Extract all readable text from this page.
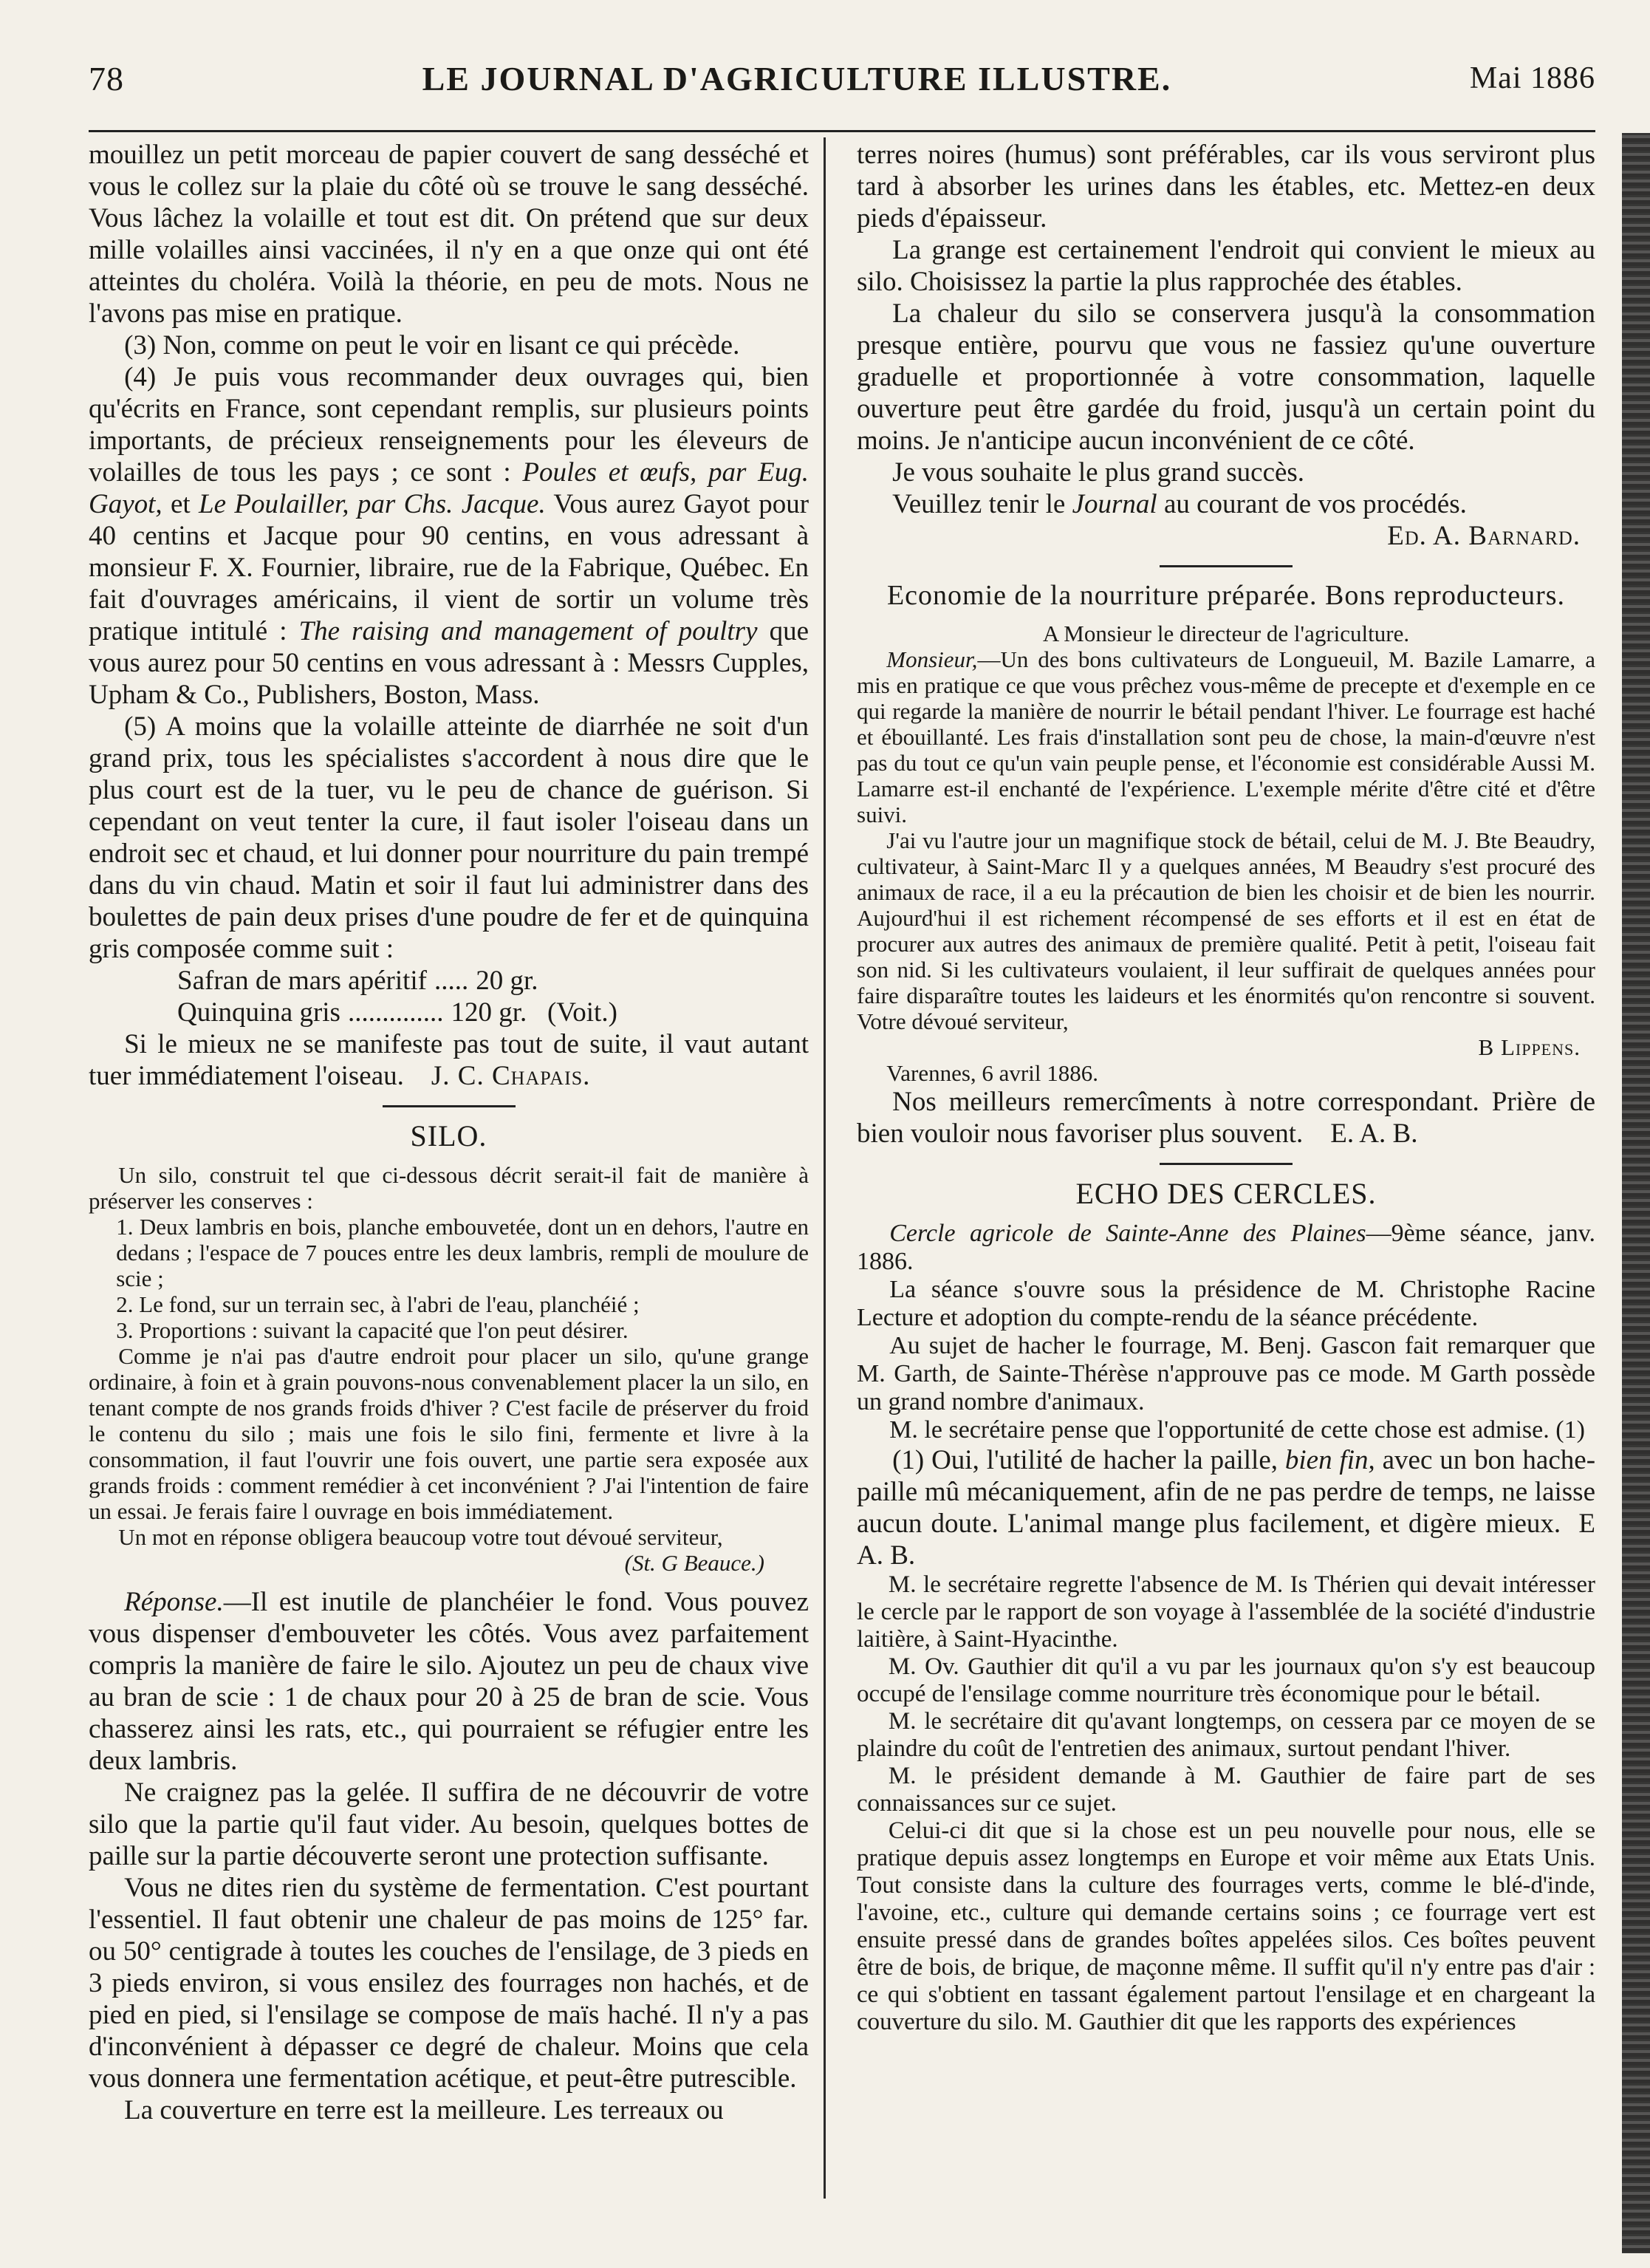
78	LE JOURNAL D'AGRICULTURE ILLUSTRE.	Mai 1886

mouillez un petit morceau de papier couvert de sang desséché et vous le collez sur la plaie du côté où se trouve le sang desséché. Vous lâchez la volaille et tout est dit. On prétend que sur deux mille volailles ainsi vaccinées, il n'y en a que onze qui ont été atteintes du choléra. Voilà la théorie, en peu de mots. Nous ne l'avons pas mise en pratique.

(3) Non, comme on peut le voir en lisant ce qui précède.

(4) Je puis vous recommander deux ouvrages qui, bien qu'écrits en France, sont cependant remplis, sur plusieurs points importants, de précieux renseignements pour les éleveurs de volailles de tous les pays ; ce sont : Poules et œufs, par Eug. Gayot, et Le Poulailler, par Chs. Jacque. Vous aurez Gayot pour 40 centins et Jacque pour 90 centins, en vous adressant à monsieur F. X. Fournier, libraire, rue de la Fabrique, Québec. En fait d'ouvrages américains, il vient de sortir un volume très pratique intitulé : The raising and management of poultry que vous aurez pour 50 centins en vous adressant à : Messrs Cupples, Upham & Co., Publishers, Boston, Mass.

(5) A moins que la volaille atteinte de diarrhée ne soit d'un grand prix, tous les spécialistes s'accordent à nous dire que le plus court est de la tuer, vu le peu de chance de guérison. Si cependant on veut tenter la cure, il faut isoler l'oiseau dans un endroit sec et chaud, et lui donner pour nourriture du pain trempé dans du vin chaud. Matin et soir il faut lui administrer dans des boulettes de pain deux prises d'une poudre de fer et de quinquina gris composée comme suit :

Safran de mars apéritif ..... 20 gr.
Quinquina gris .............. 120 gr. (Voit.)

Si le mieux ne se manifeste pas tout de suite, il vaut autant tuer immédiatement l'oiseau. J. C. Chapais.

SILO.

Un silo, construit tel que ci-dessous décrit serait-il fait de manière à préserver les conserves :

1. Deux lambris en bois, planche embouvetée, dont un en dehors, l'autre en dedans ; l'espace de 7 pouces entre les deux lambris, rempli de moulure de scie ;

2. Le fond, sur un terrain sec, à l'abri de l'eau, planchéié ;

3. Proportions : suivant la capacité que l'on peut désirer.

Comme je n'ai pas d'autre endroit pour placer un silo, qu'une grange ordinaire, à foin et à grain pouvons-nous convenablement placer la un silo, en tenant compte de nos grands froids d'hiver ? C'est facile de préserver du froid le contenu du silo ; mais une fois le silo fini, fermente et livre à la consommation, il faut l'ouvrir une fois ouvert, une partie sera exposée aux grands froids : comment remédier à cet inconvénient ? J'ai l'intention de faire un essai. Je ferais faire l ouvrage en bois immédiatement.

Un mot en réponse obligera beaucoup votre tout dévoué serviteur,

(St. G Beauce.)

Réponse.—Il est inutile de planchéier le fond. Vous pouvez vous dispenser d'embouveter les côtés. Vous avez parfaitement compris la manière de faire le silo. Ajoutez un peu de chaux vive au bran de scie : 1 de chaux pour 20 à 25 de bran de scie. Vous chasserez ainsi les rats, etc., qui pourraient se réfugier entre les deux lambris.

Ne craignez pas la gelée. Il suffira de ne découvrir de votre silo que la partie qu'il faut vider. Au besoin, quelques bottes de paille sur la partie découverte seront une protection suffisante.

Vous ne dites rien du système de fermentation. C'est pourtant l'essentiel. Il faut obtenir une chaleur de pas moins de 125° far. ou 50° centigrade à toutes les couches de l'ensilage, de 3 pieds en 3 pieds environ, si vous ensilez des fourrages non hachés, et de pied en pied, si l'ensilage se compose de maïs haché. Il n'y a pas d'inconvénient à dépasser ce degré de chaleur. Moins que cela vous donnera une fermentation acétique, et peut-être putrescible.

La couverture en terre est la meilleure. Les terreaux ou

terres noires (humus) sont préférables, car ils vous serviront plus tard à absorber les urines dans les étables, etc. Mettez-en deux pieds d'épaisseur.

La grange est certainement l'endroit qui convient le mieux au silo. Choisissez la partie la plus rapprochée des étables.

La chaleur du silo se conservera jusqu'à la consommation presque entière, pourvu que vous ne fassiez qu'une ouverture graduelle et proportionnée à votre consommation, laquelle ouverture peut être gardée du froid, jusqu'à un certain point du moins. Je n'anticipe aucun inconvénient de ce côté.

Je vous souhaite le plus grand succès.

Veuillez tenir le Journal au courant de vos procédés.

Ed. A. Barnard.
Economie de la nourriture préparée. Bons reproducteurs.
A Monsieur le directeur de l'agriculture.

Monsieur,—Un des bons cultivateurs de Longueuil, M. Bazile Lamarre, a mis en pratique ce que vous prêchez vous-même de precepte et d'exemple en ce qui regarde la manière de nourrir le bétail pendant l'hiver. Le fourrage est haché et ébouillanté. Les frais d'installation sont peu de chose, la main-d'œuvre n'est pas du tout ce qu'un vain peuple pense, et l'économie est considérable Aussi M. Lamarre est-il enchanté de l'expérience. L'exemple mérite d'être cité et d'être suivi.

J'ai vu l'autre jour un magnifique stock de bétail, celui de M. J. Bte Beaudry, cultivateur, à Saint-Marc Il y a quelques années, M Beaudry s'est procuré des animaux de race, il a eu la précaution de bien les choisir et de bien les nourrir. Aujourd'hui il est richement récompensé de ses efforts et il est en état de procurer aux autres des animaux de première qualité. Petit à petit, l'oiseau fait son nid. Si les cultivateurs voulaient, il leur suffirait de quelques années pour faire disparaître toutes les laideurs et les énormités qu'on rencontre si souvent. Votre dévoué serviteur,

B Lippens.

Varennes, 6 avril 1886.

Nos meilleurs remercîments à notre correspondant. Prière de bien vouloir nous favoriser plus souvent. E. A. B.

ECHO DES CERCLES.

Cercle agricole de Sainte-Anne des Plaines—9ème séance, janv. 1886.

La séance s'ouvre sous la présidence de M. Christophe Racine Lecture et adoption du compte-rendu de la séance précédente.

Au sujet de hacher le fourrage, M. Benj. Gascon fait remarquer que M. Garth, de Sainte-Thérèse n'approuve pas ce mode. M Garth possède un grand nombre d'animaux.

M. le secrétaire pense que l'opportunité de cette chose est admise. (1)

(1) Oui, l'utilité de hacher la paille, bien fin, avec un bon hache-paille mû mécaniquement, afin de ne pas perdre de temps, ne laisse aucun doute. L'animal mange plus facilement, et digère mieux. E A. B.

M. le secrétaire regrette l'absence de M. Is Thérien qui devait intéresser le cercle par le rapport de son voyage à l'assemblée de la société d'industrie laitière, à Saint-Hyacinthe.

M. Ov. Gauthier dit qu'il a vu par les journaux qu'on s'y est beaucoup occupé de l'ensilage comme nourriture très économique pour le bétail.

M. le secrétaire dit qu'avant longtemps, on cessera par ce moyen de se plaindre du coût de l'entretien des animaux, surtout pendant l'hiver.

M. le président demande à M. Gauthier de faire part de ses connaissances sur ce sujet.

Celui-ci dit que si la chose est un peu nouvelle pour nous, elle se pratique depuis assez longtemps en Europe et voir même aux Etats Unis. Tout consiste dans la culture des fourrages verts, comme le blé-d'inde, l'avoine, etc., culture qui demande certains soins ; ce fourrage vert est ensuite pressé dans de grandes boîtes appelées silos. Ces boîtes peuvent être de bois, de brique, de maçonne même. Il suffit qu'il n'y entre pas d'air : ce qui s'obtient en tassant également partout l'ensilage et en chargeant la couverture du silo. M. Gauthier dit que les rapports des expériences
